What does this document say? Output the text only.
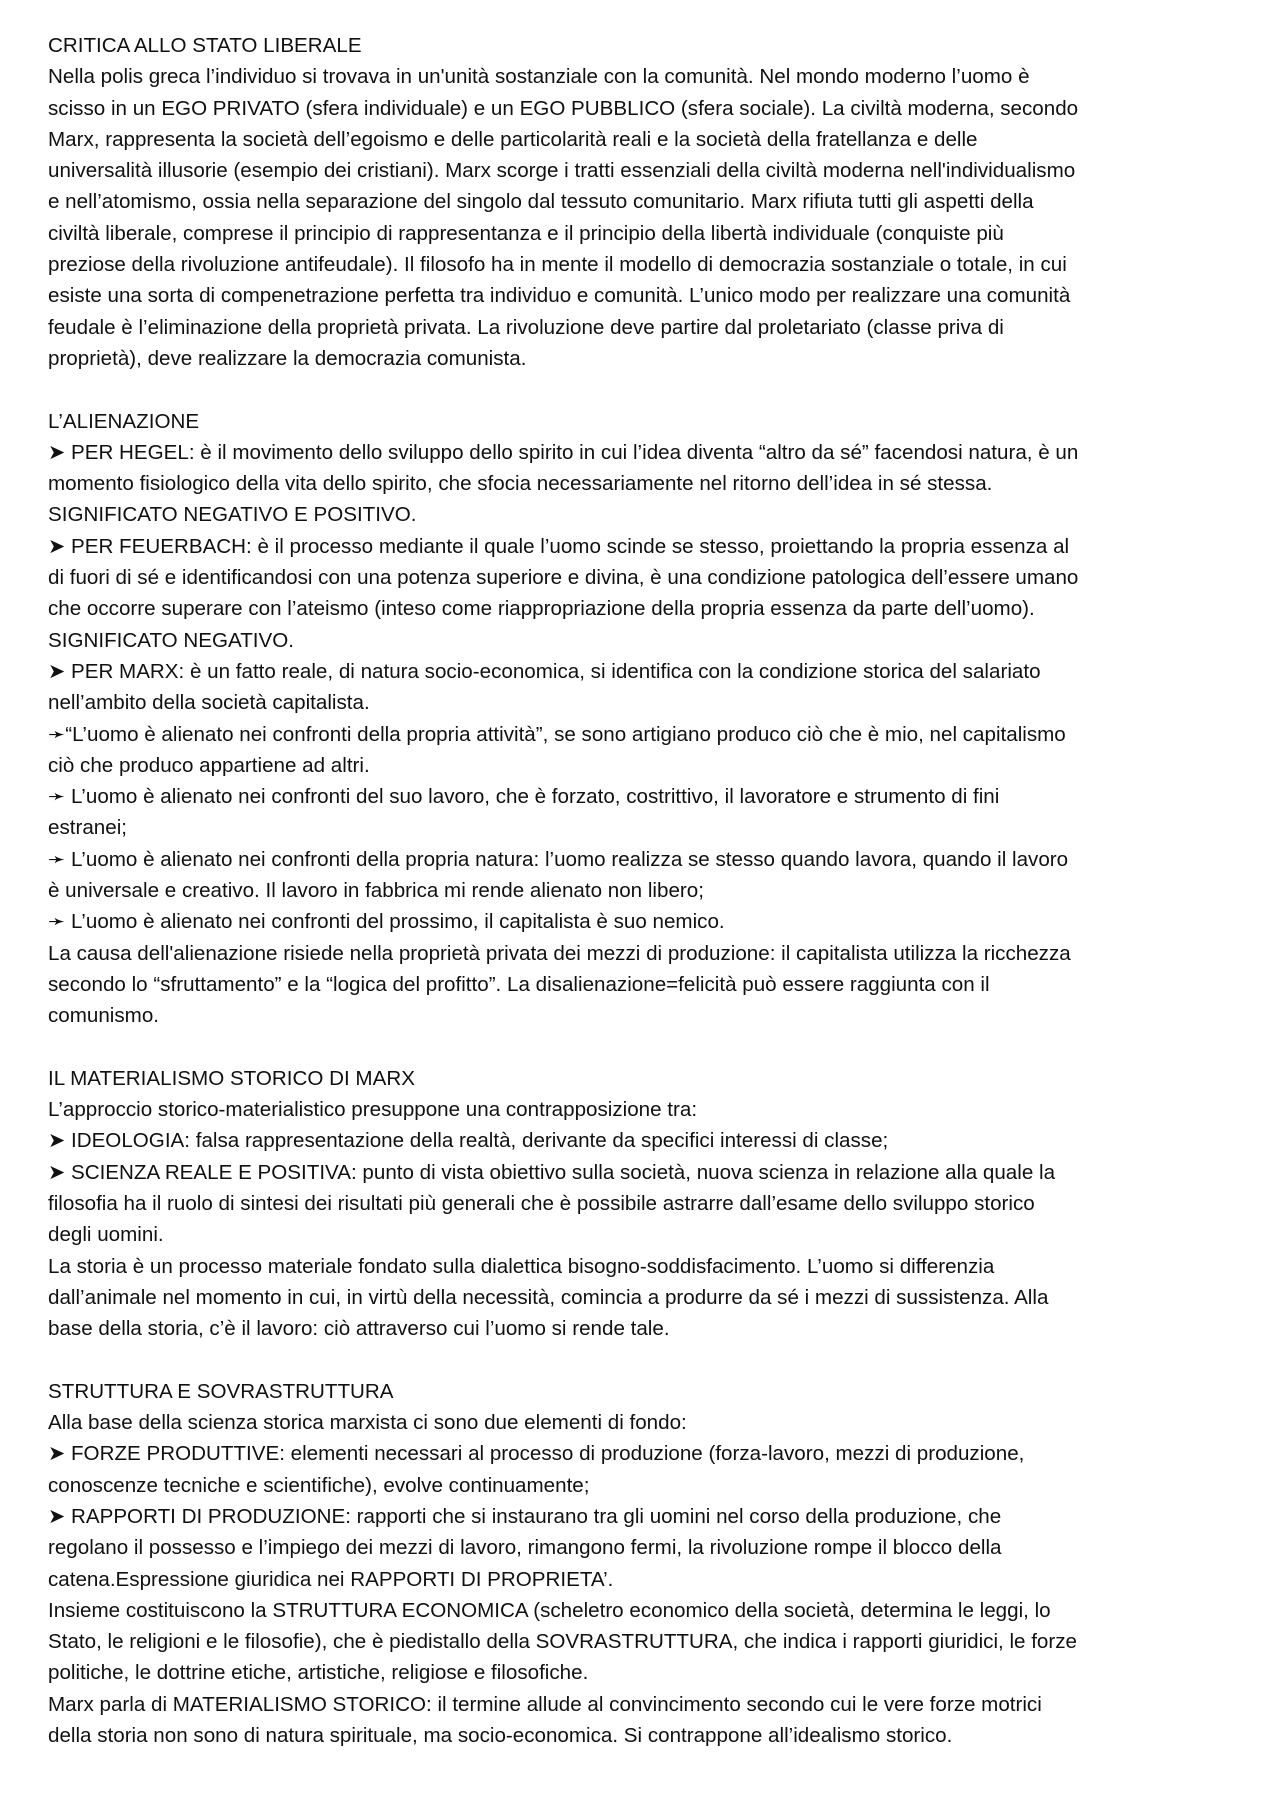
CRITICA ALLO STATO LIBERALE
Nella polis greca l’individuo si trovava in un'unità sostanziale con la comunità. Nel mondo moderno l’uomo è
scisso in un EGO PRIVATO (sfera individuale) e un EGO PUBBLICO (sfera sociale). La civiltà moderna, secondo
Marx, rappresenta la società dell’egoismo e delle particolarità reali e la società della fratellanza e delle
universalità illusorie (esempio dei cristiani). Marx scorge i tratti essenziali della civiltà moderna nell'individualismo
e nell’atomismo, ossia nella separazione del singolo dal tessuto comunitario. Marx rifiuta tutti gli aspetti della
civiltà liberale, comprese il principio di rappresentanza e il principio della libertà individuale (conquiste più
preziose della rivoluzione antifeudale). Il filosofo ha in mente il modello di democrazia sostanziale o totale, in cui
esiste una sorta di compenetrazione perfetta tra individuo e comunità. L’unico modo per realizzare una comunità
feudale è l’eliminazione della proprietà privata. La rivoluzione deve partire dal proletariato (classe priva di
proprietà), deve realizzare la democrazia comunista.
L’ALIENAZIONE
➤ PER HEGEL: è il movimento dello sviluppo dello spirito in cui l’idea diventa “altro da sé” facendosi natura, è un
momento fisiologico della vita dello spirito, che sfocia necessariamente nel ritorno dell’idea in sé stessa.
SIGNIFICATO NEGATIVO E POSITIVO.
➤ PER FEUERBACH: è il processo mediante il quale l’uomo scinde se stesso, proiettando la propria essenza al
di fuori di sé e identificandosi con una potenza superiore e divina, è una condizione patologica dell’essere umano
che occorre superare con l’ateismo (inteso come riappropriazione della propria essenza da parte dell’uomo).
SIGNIFICATO NEGATIVO.
➤ PER MARX: è un fatto reale, di natura socio-economica, si identifica con la condizione storica del salariato
nell’ambito della società capitalista.
➛“L’uomo è alienato nei confronti della propria attività”, se sono artigiano produco ciò che è mio, nel capitalismo
ciò che produco appartiene ad altri.
➛ L’uomo è alienato nei confronti del suo lavoro, che è forzato, costrittivo, il lavoratore e strumento di fini
estranei;
➛ L’uomo è alienato nei confronti della propria natura: l’uomo realizza se stesso quando lavora, quando il lavoro
è universale e creativo. Il lavoro in fabbrica mi rende alienato non libero;
➛ L’uomo è alienato nei confronti del prossimo, il capitalista è suo nemico.
La causa dell'alienazione risiede nella proprietà privata dei mezzi di produzione: il capitalista utilizza la ricchezza
secondo lo “sfruttamento” e la “logica del profitto”. La disalienazione=felicità può essere raggiunta con il
comunismo.
IL MATERIALISMO STORICO DI MARX
L’approccio storico-materialistico presuppone una contrapposizione tra:
➤ IDEOLOGIA: falsa rappresentazione della realtà, derivante da specifici interessi di classe;
➤ SCIENZA REALE E POSITIVA: punto di vista obiettivo sulla società, nuova scienza in relazione alla quale la
filosofia ha il ruolo di sintesi dei risultati più generali che è possibile astrarre dall’esame dello sviluppo storico
degli uomini.
La storia è un processo materiale fondato sulla dialettica bisogno-soddisfacimento. L’uomo si differenzia
dall’animale nel momento in cui, in virtù della necessità, comincia a produrre da sé i mezzi di sussistenza. Alla
base della storia, c’è il lavoro: ciò attraverso cui l’uomo si rende tale.
STRUTTURA E SOVRASTRUTTURA
Alla base della scienza storica marxista ci sono due elementi di fondo:
➤ FORZE PRODUTTIVE: elementi necessari al processo di produzione (forza-lavoro, mezzi di produzione,
conoscenze tecniche e scientifiche), evolve continuamente;
➤ RAPPORTI DI PRODUZIONE: rapporti che si instaurano tra gli uomini nel corso della produzione, che
regolano il possesso e l’impiego dei mezzi di lavoro, rimangono fermi, la rivoluzione rompe il blocco della
catena.Espressione giuridica nei RAPPORTI DI PROPRIETA’.
Insieme costituiscono la STRUTTURA ECONOMICA (scheletro economico della società, determina le leggi, lo
Stato, le religioni e le filosofie), che è piedistallo della SOVRASTRUTTURA, che indica i rapporti giuridici, le forze
politiche, le dottrine etiche, artistiche, religiose e filosofiche.
Marx parla di MATERIALISMO STORICO: il termine allude al convincimento secondo cui le vere forze motrici
della storia non sono di natura spirituale, ma socio-economica. Si contrappone all’idealismo storico.
